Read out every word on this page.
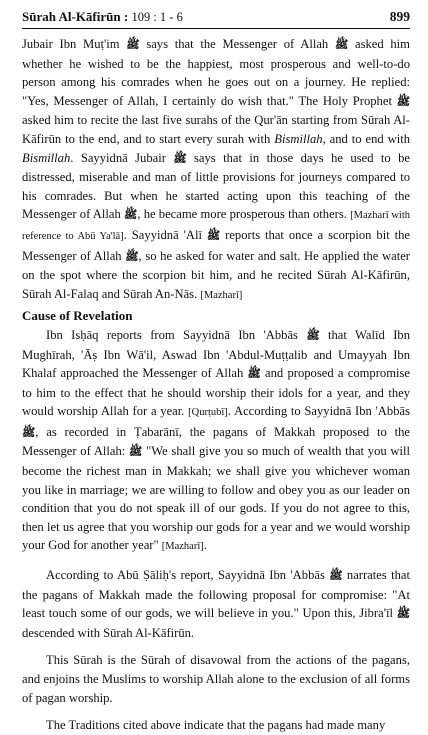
Sūrah Al-Kāfirūn : 109 : 1 - 6	899

Jubair Ibn Muṭ'im ﷺ says that the Messenger of Allah ﷺ asked him whether he wished to be the happiest, most prosperous and well-to-do person among his comrades when he goes out on a journey. He replied: "Yes, Messenger of Allah, I certainly do wish that." The Holy Prophet ﷺ asked him to recite the last five surahs of the Qur'ān starting from Sūrah Al-Kāfirūn to the end, and to start every surah with Bismillah, and to end with Bismillah. Sayyidnā Jubair ﷺ says that in those days he used to be distressed, miserable and man of little provisions for journeys compared to his comrades. But when he started acting upon this teaching of the Messenger of Allah ﷺ, he became more prosperous than others. [Mazharī with reference to Abū Ya'lā]. Sayyidnā 'Alī ﷺ reports that once a scorpion bit the Messenger of Allah ﷺ, so he asked for water and salt. He applied the water on the spot where the scorpion bit him, and he recited Sūrah Al-Kāfirūn, Sūrah Al-Falaq and Sūrah An-Nās. [Mazharī]

Cause of Revelation

Ibn Isḥāq reports from Sayyidnā Ibn 'Abbās ﷺ that Walīd Ibn Mughīrah, 'Āṣ Ibn Wā'il, Aswad Ibn 'Abdul-Muṭṭalib and Umayyah Ibn Khalaf approached the Messenger of Allah ﷺ and proposed a compromise to him to the effect that he should worship their idols for a year, and they would worship Allah for a year. [Qurṭubī]. According to Sayyidnā Ibn 'Abbās ﷺ, as recorded in Ṭabarānī, the pagans of Makkah proposed to the Messenger of Allah: ﷺ "We shall give you so much of wealth that you will become the richest man in Makkah; we shall give you whichever woman you like in marriage; we are willing to follow and obey you as our leader on condition that you do not speak ill of our gods. If you do not agree to this, then let us agree that you worship our gods for a year and we would worship your God for another year" [Mazharī].

According to Abū Ṣāliḥ's report, Sayyidnā Ibn 'Abbās ﷺ narrates that the pagans of Makkah made the following proposal for compromise: "At least touch some of our gods, we will believe in you." Upon this, Jibra'īl ﷺ descended with Sūrah Al-Kāfirūn.

This Sūrah is the Sūrah of disavowal from the actions of the pagans, and enjoins the Muslims to worship Allah alone to the exclusion of all forms of pagan worship.

The Traditions cited above indicate that the pagans had made many
